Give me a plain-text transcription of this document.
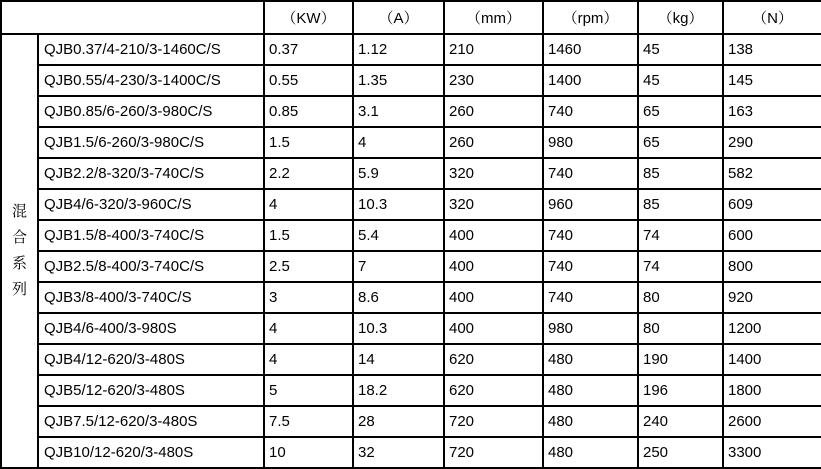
		（KW）	（A）	（mm）	（rpm）	（kg）	（N）

混
合
系
列	QJB0.37/4-210/3-1460C/S	0.37	1.12	210	1460	45	138
	QJB0.55/4-230/3-1400C/S	0.55	1.35	230	1400	45	145
	QJB0.85/6-260/3-980C/S	0.85	3.1	260	740	65	163
	QJB1.5/6-260/3-980C/S	1.5	4	260	980	65	290
	QJB2.2/8-320/3-740C/S	2.2	5.9	320	740	85	582
	QJB4/6-320/3-960C/S	4	10.3	320	960	85	609
	QJB1.5/8-400/3-740C/S	1.5	5.4	400	740	74	600
	QJB2.5/8-400/3-740C/S	2.5	7	400	740	74	800
	QJB3/8-400/3-740C/S	3	8.6	400	740	80	920
	QJB4/6-400/3-980S	4	10.3	400	980	80	1200
	QJB4/12-620/3-480S	4	14	620	480	190	1400
	QJB5/12-620/3-480S	5	18.2	620	480	196	1800
	QJB7.5/12-620/3-480S	7.5	28	720	480	240	2600
	QJB10/12-620/3-480S	10	32	720	480	250	3300
